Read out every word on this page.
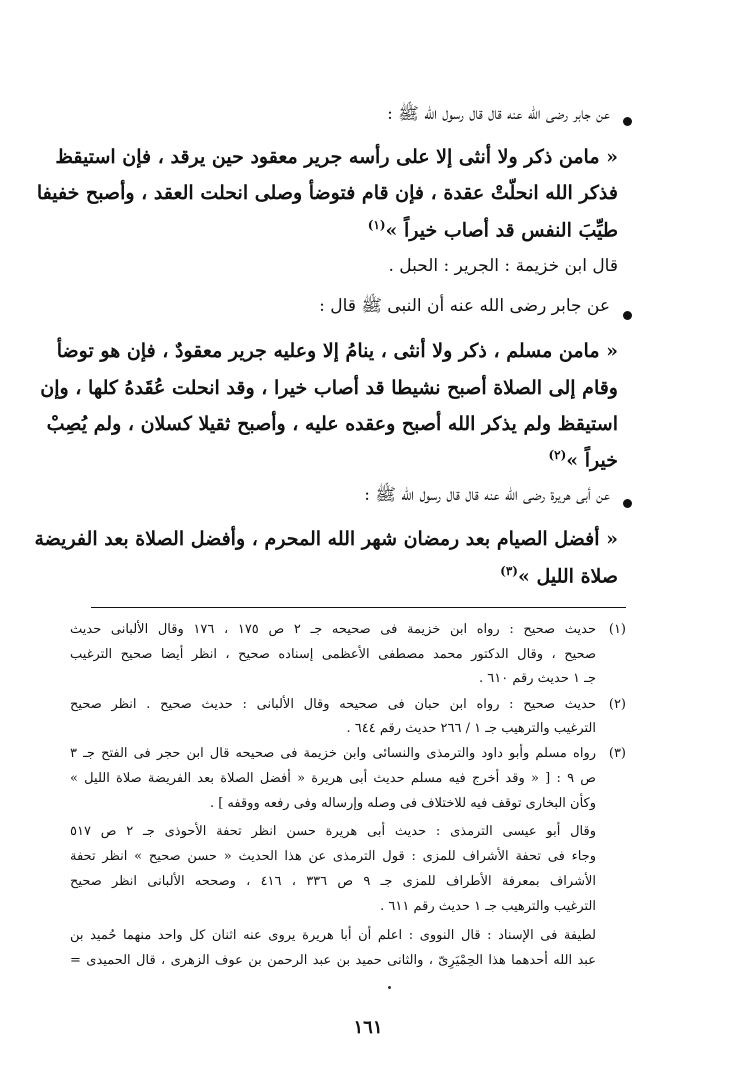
عن جابر رضى الله عنه قال قال رسول الله ﷺ :
« مامن ذكر ولا أنثى إلا على رأسه جرير معقود حين يرقد ، فإن استيقظ
فذكر الله انحلّتْ عقدة ، فإن قام فتوضأ وصلى انحلت العقد ، وأصبح خفيفا
طيِّبَ النفس قد أصاب خيراً »$^{(١)}$
قال ابن خزيمة : الجرير : الحبل .
عن جابر رضى الله عنه أن النبى ﷺ قال :
« مامن مسلم ، ذكر ولا أنثى ، ينامُ إلا وعليه جرير معقودٌ ، فإن هو توضأ
وقام إلى الصلاة أصبح نشيطا قد أصاب خيرا ، وقد انحلت عُقَدهُ كلها ، وإن
استيقظ ولم يذكر الله أصبح وعقده عليه ، وأصبح ثقيلا كسلان ، ولم يُصِبْ
خيراً »$^{(٢)}$
عن أبى هريرة رضى الله عنه قال قال رسول الله ﷺ :
« أفضل الصيام بعد رمضان شهر الله المحرم ، وأفضل الصلاة بعد الفريضة
صلاة الليل »$^{(٣)}$
(١)
حديث صحيح : رواه ابن خزيمة فى صحيحه جـ ٢ ص ١٧٥ ، ١٧٦ وقال الألبانى حديث
صحيح ، وقال الدكتور محمد مصطفى الأعظمى إسناده صحيح ، انظر أيضا صحيح الترغيب
جـ ١ حديث رقم ٦١٠ .
(٢)
حديث صحيح : رواه ابن حبان فى صحيحه وقال الألبانى : حديث صحيح . انظر صحيح
الترغيب والترهيب جـ ١ / ٢٦٦ حديث رقم ٦٤٤ .
(٣)
رواه مسلم وأبو داود والترمذى والنسائى وابن خزيمة فى صحيحه قال ابن حجر فى الفتح جـ ٣
ص ٩ : [ « وقد أخرج فيه مسلم حديث أبى هريرة « أفضل الصلاة بعد الفريضة صلاة الليل »
وكأن البخارى توقف فيه للاختلاف فى وصله وإرساله وفى رفعه ووقفه ] .
وقال أبو عيسى الترمذى : حديث أبى هريرة حسن انظر تحفة الأحوذى جـ ٢ ص ٥١٧
وجاء فى تحفة الأشراف للمزى : قول الترمذى عن هذا الحديث « حسن صحيح » انظر تحفة
الأشراف بمعرفة الأطراف للمزى جـ ٩ ص ٣٣٦ ، ٤١٦ ، وصححه الألبانى انظر صحيح
الترغيب والترهيب جـ ١ حديث رقم ٦١١ .
لطيفة فى الإسناد : قال النووى : اعلم أن أبا هريرة يروى عنه اثنان كل واحد منهما حُميد بن
عبد الله أحدهما هذا الحِمْيَرِىّ ، والثانى حميد بن عبد الرحمن بن عوف الزهرى ، قال الحميدى =
١٦١
